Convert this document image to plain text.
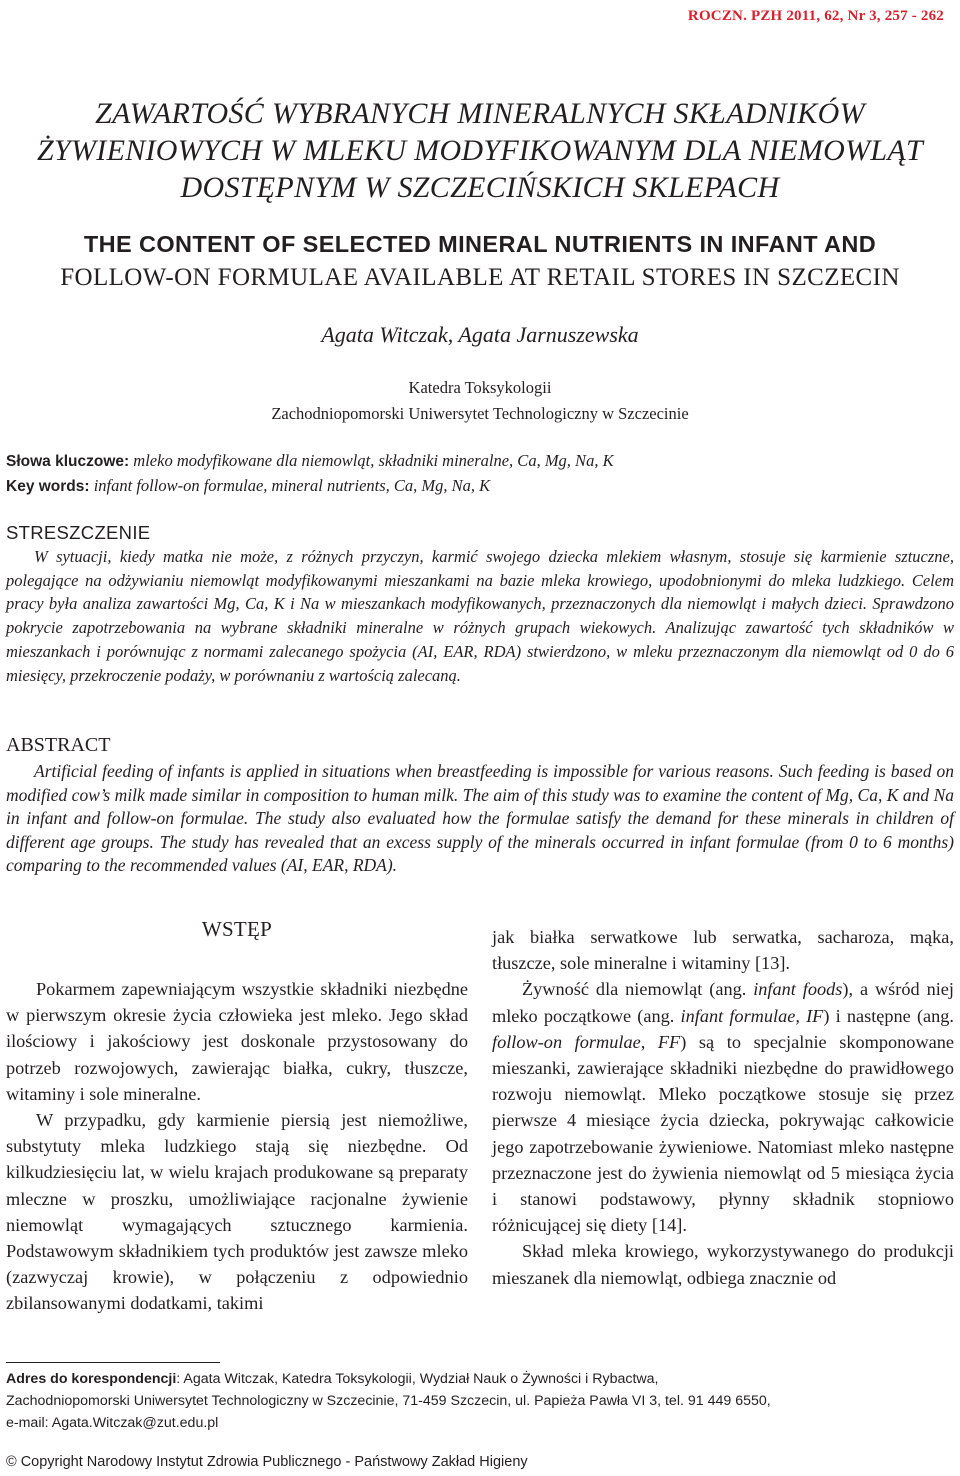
ROCZN. PZH 2011, 62, Nr 3, 257 - 262
ZAWARTOŚĆ WYBRANYCH MINERALNYCH SKŁADNIKÓW
ŻYWIENIOWYCH W MLEKU MODYFIKOWANYM DLA NIEMOWLĄT
DOSTĘPNYM W SZCZECIŃSKICH SKLEPACH
THE CONTENT OF SELECTED MINERAL NUTRIENTS IN INFANT AND
FOLLOW-ON FORMULAE AVAILABLE AT RETAIL STORES IN SZCZECIN
Agata Witczak, Agata Jarnuszewska
Katedra Toksykologii
Zachodniopomorski Uniwersytet Technologiczny w Szczecinie
Słowa kluczowe: mleko modyfikowane dla niemowląt, składniki mineralne, Ca, Mg, Na, K
Key words: infant follow-on formulae, mineral nutrients, Ca, Mg, Na, K
STRESZCZENIE
W sytuacji, kiedy matka nie może, z różnych przyczyn, karmić swojego dziecka mlekiem własnym, stosuje się karmienie sztuczne, polegające na odżywianiu niemowląt modyfikowanymi mieszankami na bazie mleka krowiego, upodobnionymi do mleka ludzkiego. Celem pracy była analiza zawartości Mg, Ca, K i Na w mieszankach modyfikowanych, przeznaczonych dla niemowląt i małych dzieci. Sprawdzono pokrycie zapotrzebowania na wybrane składniki mineralne w różnych grupach wiekowych. Analizując zawartość tych składników w mieszankach i porównując z normami zalecanego spożycia (AI, EAR, RDA) stwierdzono, w mleku przeznaczonym dla niemowląt od 0 do 6 miesięcy, przekroczenie podaży, w porównaniu z wartością zalecaną.
ABSTRACT
Artificial feeding of infants is applied in situations when breastfeeding is impossible for various reasons. Such feeding is based on modified cow’s milk made similar in composition to human milk. The aim of this study was to examine the content of Mg, Ca, K and Na in infant and follow-on formulae. The study also evaluated how the formulae satisfy the demand for these minerals in children of different age groups. The study has revealed that an excess supply of the minerals occurred in infant formulae (from 0 to 6 months) comparing to the recommended values (AI, EAR, RDA).
WSTĘP

Pokarmem zapewniającym wszystkie składniki niezbędne w pierwszym okresie życia człowieka jest mleko. Jego skład ilościowy i jakościowy jest doskonale przystosowany do potrzeb rozwojowych, zawierając białka, cukry, tłuszcze, witaminy i sole mineralne.

W przypadku, gdy karmienie piersią jest niemożliwe, substytuty mleka ludzkiego stają się niezbędne. Od kilkudziesięciu lat, w wielu krajach produkowane są preparaty mleczne w proszku, umożliwiające racjonalne żywienie niemowląt wymagających sztucznego karmienia. Podstawowym składnikiem tych produktów jest zawsze mleko (zazwyczaj krowie), w połączeniu z odpowiednio zbilansowanymi dodatkami, takimi

jak białka serwatkowe lub serwatka, sacharoza, mąka, tłuszcze, sole mineralne i witaminy [13].

Żywność dla niemowląt (ang. infant foods), a wśród niej mleko początkowe (ang. infant formulae, IF) i następne (ang. follow-on formulae, FF) są to specjalnie skomponowane mieszanki, zawierające składniki niezbędne do prawidłowego rozwoju niemowląt. Mleko początkowe stosuje się przez pierwsze 4 miesiące życia dziecka, pokrywając całkowicie jego zapotrzebowanie żywieniowe. Natomiast mleko następne przeznaczone jest do żywienia niemowląt od 5 miesiąca życia i stanowi podstawowy, płynny składnik stopniowo różnicującej się diety [14].

Skład mleka krowiego, wykorzystywanego do produkcji mieszanek dla niemowląt, odbiega znacznie od

Adres do korespondencji: Agata Witczak, Katedra Toksykologii, Wydział Nauk o Żywności i Rybactwa,
Zachodniopomorski Uniwersytet Technologiczny w Szczecinie, 71-459 Szczecin, ul. Papieża Pawła VI 3, tel. 91 449 6550,
e-mail: Agata.Witczak@zut.edu.pl
© Copyright Narodowy Instytut Zdrowia Publicznego - Państwowy Zakład Higieny
